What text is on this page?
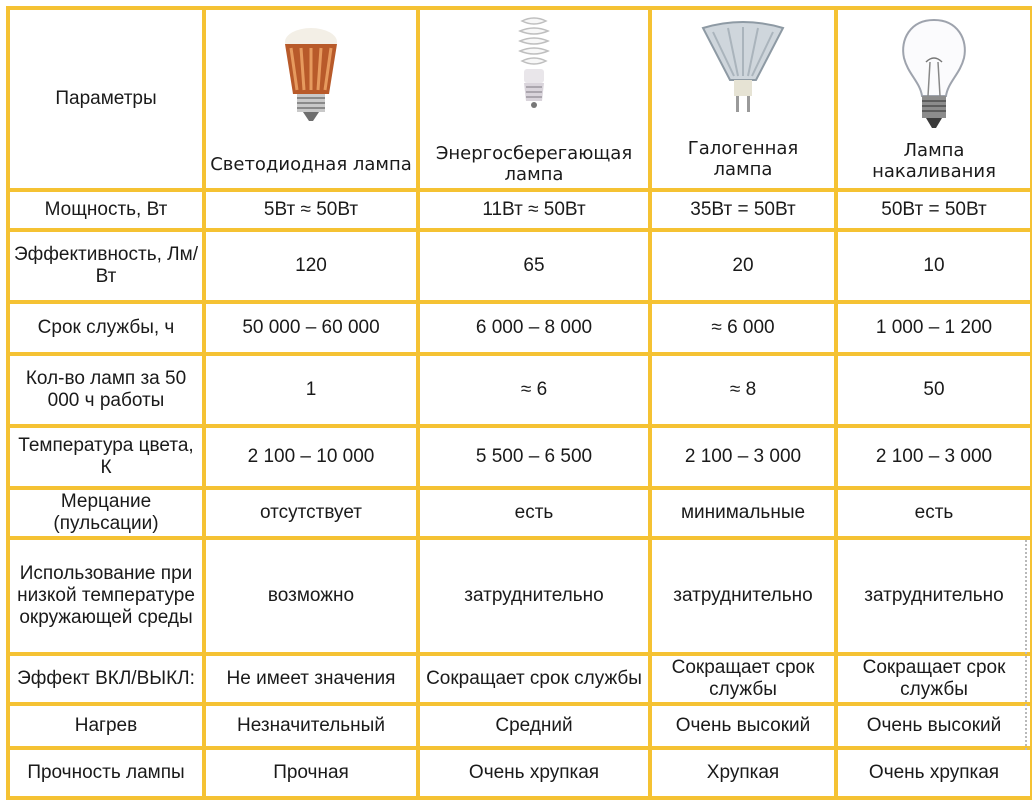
Параметры	Светодиодная лампа	Энергосберегающая лампа	Галогенная лампа	Лампа накаливания

Мощность, Вт	5Вт ≈ 50Вт	11Вт ≈ 50Вт	35Вт = 50Вт	50Вт = 50Вт
Эффективность, Лм/Вт	120	65	20	10
Срок службы, ч	50 000 – 60 000	6 000 – 8 000	≈ 6 000	1 000 – 1 200
Кол-во ламп за 50 000 ч работы	1	≈ 6	≈ 8	50
Температура цвета, К	2 100 – 10 000	5 500 – 6 500	2 100 – 3 000	2 100 – 3 000
Мерцание (пульсации)	отсутствует	есть	минимальные	есть
Использование при низкой температуре окружающей среды	возможно	затруднительно	затруднительно	затруднительно
Эффект ВКЛ/ВЫКЛ:	Не имеет значения	Сокращает срок службы	Сокращает срок службы	Сокращает срок службы
Нагрев	Незначительный	Средний	Очень высокий	Очень высокий
Прочность лампы	Прочная	Очень хрупкая	Хрупкая	Очень хрупкая
